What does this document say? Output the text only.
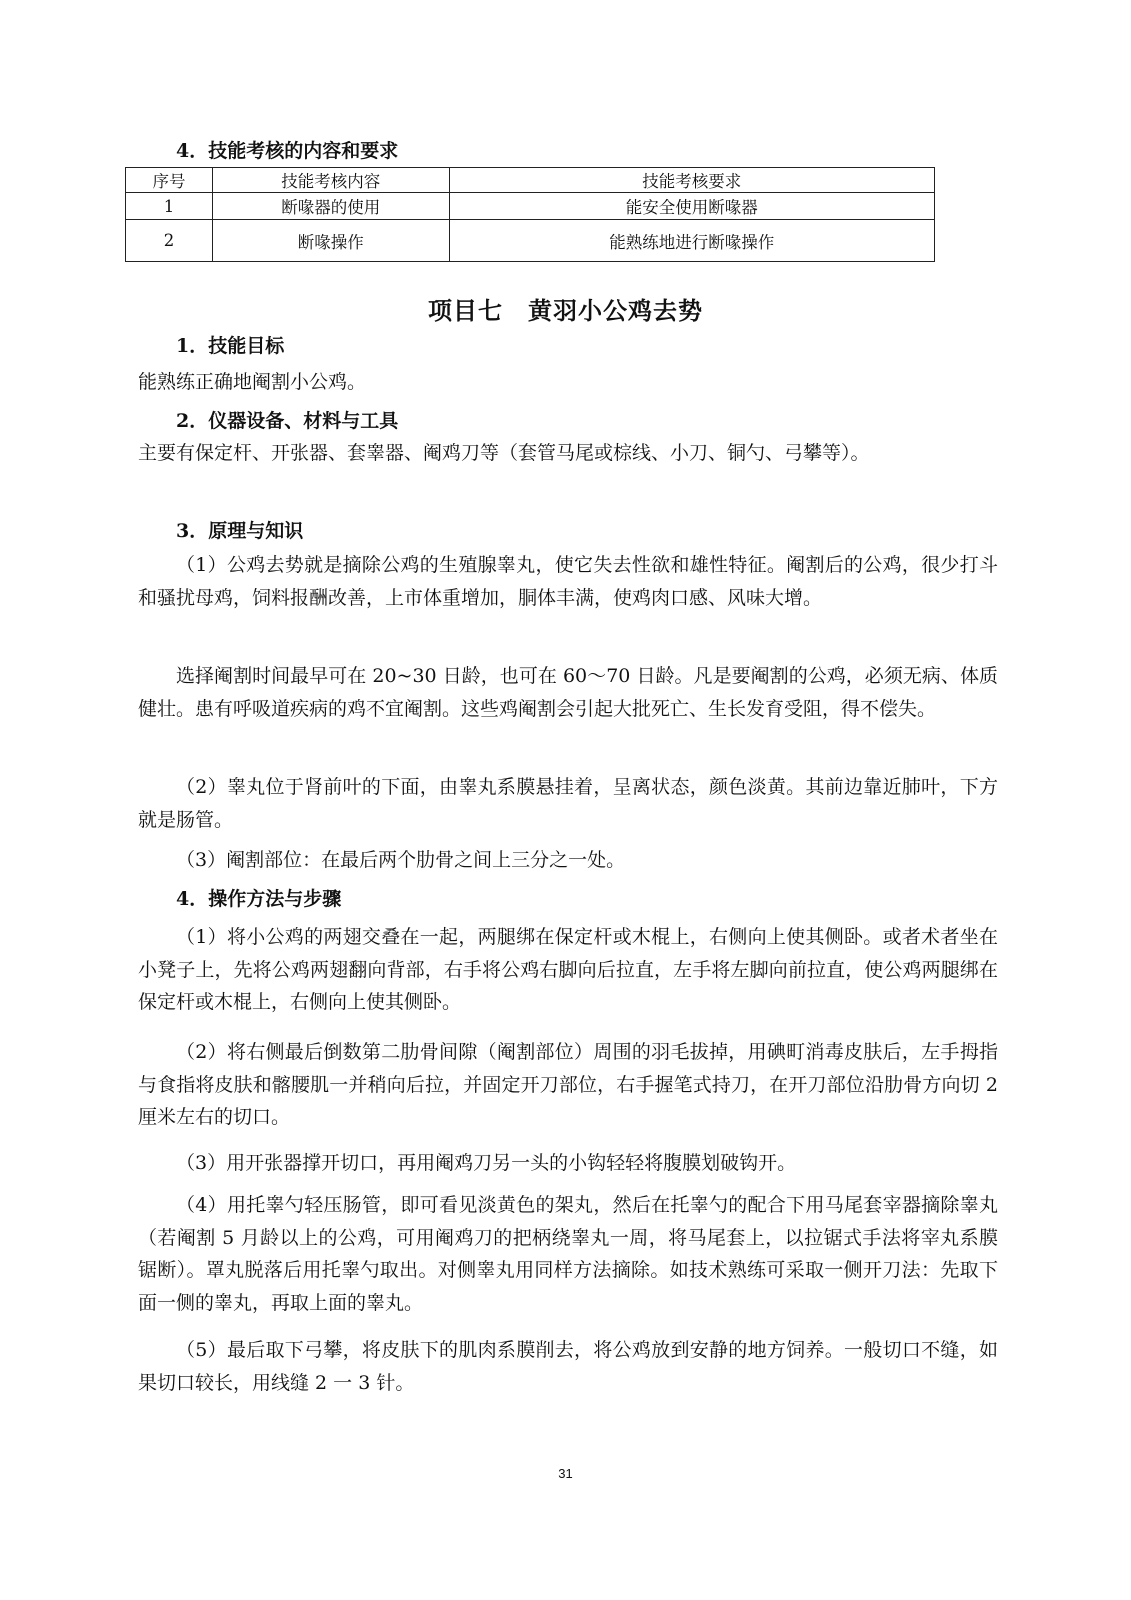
4．技能考核的内容和要求
序号	技能考核内容	技能考核要求
1	断喙器的使用	能安全使用断喙器
2	断喙操作	能熟练地进行断喙操作
项目七　黄羽小公鸡去势
1．技能目标
能熟练正确地阉割小公鸡。
2．仪器设备、材料与工具
主要有保定杆、开张器、套睾器、阉鸡刀等（套管马尾或棕线、小刀、铜勺、弓攀等）。
3．原理与知识
（1）公鸡去势就是摘除公鸡的生殖腺睾丸，使它失去性欲和雄性特征。阉割后的公鸡，很少打斗和骚扰母鸡，饲料报酬改善，上市体重增加，胴体丰满，使鸡肉口感、风味大增。
选择阉割时间最早可在 20~30 日龄，也可在 60～70 日龄。凡是要阉割的公鸡，必须无病、体质健壮。患有呼吸道疾病的鸡不宜阉割。这些鸡阉割会引起大批死亡、生长发育受阻，得不偿失。
（2）睾丸位于肾前叶的下面，由睾丸系膜悬挂着，呈离状态，颜色淡黄。其前边靠近肺叶，下方就是肠管。
（3）阉割部位：在最后两个肋骨之间上三分之一处。
4．操作方法与步骤
（1）将小公鸡的两翅交叠在一起，两腿绑在保定杆或木棍上，右侧向上使其侧卧。或者术者坐在小凳子上，先将公鸡两翅翻向背部，右手将公鸡右脚向后拉直，左手将左脚向前拉直，使公鸡两腿绑在保定杆或木棍上，右侧向上使其侧卧。
（2）将右侧最后倒数第二肋骨间隙（阉割部位）周围的羽毛拔掉，用碘町消毒皮肤后，左手拇指与食指将皮肤和髂腰肌一并稍向后拉，并固定开刀部位，右手握笔式持刀，在开刀部位沿肋骨方向切 2 厘米左右的切口。
（3）用开张器撑开切口，再用阉鸡刀另一头的小钩轻轻将腹膜划破钩开。
（4）用托睾勺轻压肠管，即可看见淡黄色的架丸，然后在托睾勺的配合下用马尾套宰器摘除睾丸（若阉割 5 月龄以上的公鸡，可用阉鸡刀的把柄绕睾丸一周，将马尾套上，以拉锯式手法将宰丸系膜锯断）。罩丸脱落后用托睾勺取出。对侧睾丸用同样方法摘除。如技术熟练可采取一侧开刀法：先取下面一侧的睾丸，再取上面的睾丸。
（5）最后取下弓攀，将皮肤下的肌肉系膜削去，将公鸡放到安静的地方饲养。一般切口不缝，如果切口较长，用线缝 2 一 3 针。
31
